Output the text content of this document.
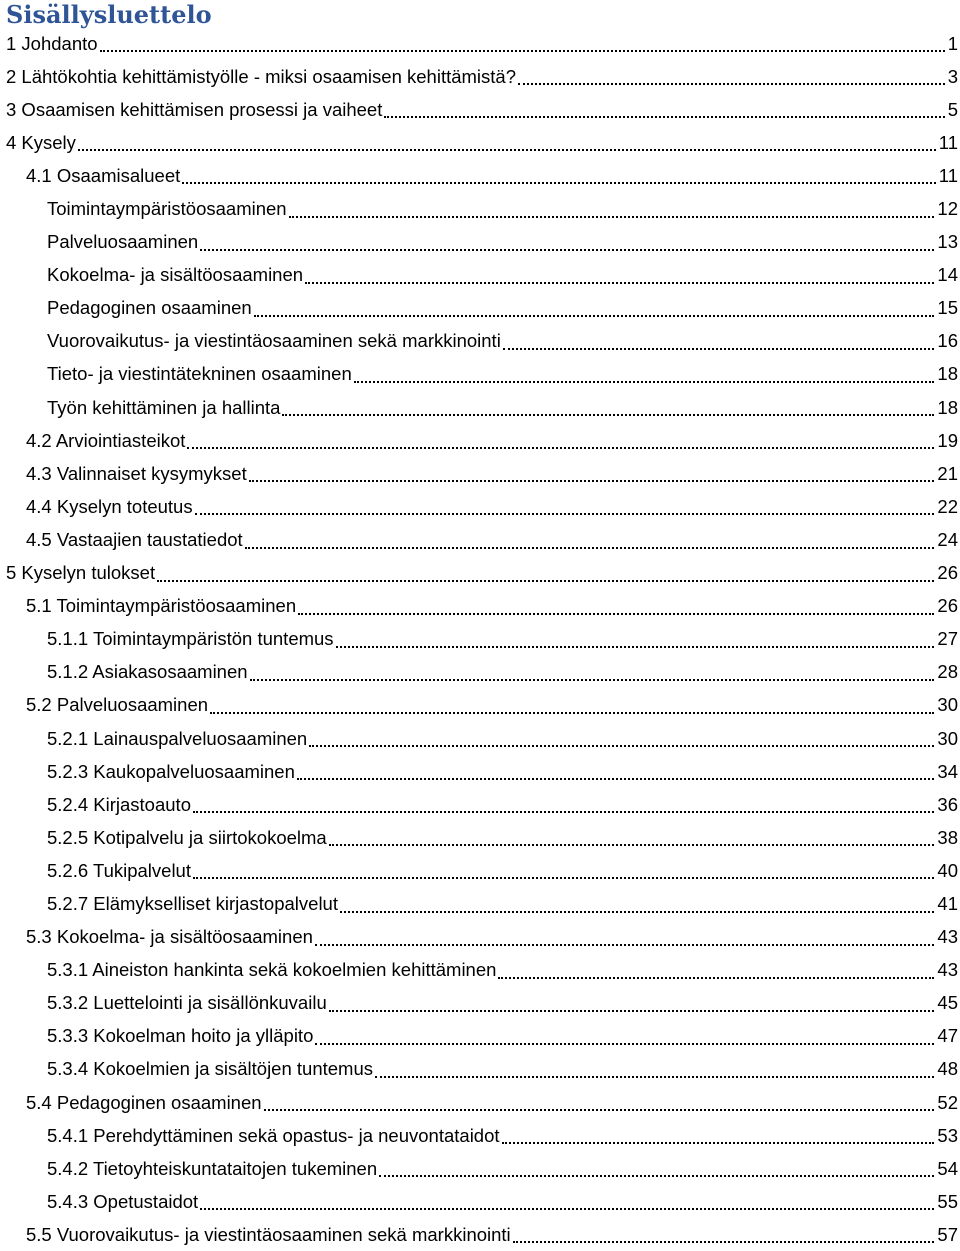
Sisällysluettelo
1 Johdanto	1
2 Lähtökohtia kehittämistyölle - miksi osaamisen kehittämistä?	3
3 Osaamisen kehittämisen prosessi ja vaiheet	5
4 Kysely	11
4.1 Osaamisalueet	11
Toimintaympäristöosaaminen	12
Palveluosaaminen	13
Kokoelma- ja sisältöosaaminen	14
Pedagoginen osaaminen	15
Vuorovaikutus- ja viestintäosaaminen sekä markkinointi	16
Tieto- ja viestintätekninen osaaminen	18
Työn kehittäminen ja hallinta	18
4.2 Arviointiasteikot	19
4.3 Valinnaiset kysymykset	21
4.4 Kyselyn toteutus	22
4.5 Vastaajien taustatiedot	24
5 Kyselyn tulokset	26
5.1 Toimintaympäristöosaaminen	26
5.1.1 Toimintaympäristön tuntemus	27
5.1.2 Asiakasosaaminen	28
5.2 Palveluosaaminen	30
5.2.1 Lainauspalveluosaaminen	30
5.2.3 Kaukopalveluosaaminen	34
5.2.4 Kirjastoauto	36
5.2.5 Kotipalvelu ja siirtokokoelma	38
5.2.6 Tukipalvelut	40
5.2.7 Elämykselliset kirjastopalvelut	41
5.3 Kokoelma- ja sisältöosaaminen	43
5.3.1 Aineiston hankinta sekä kokoelmien kehittäminen	43
5.3.2 Luettelointi ja sisällönkuvailu	45
5.3.3 Kokoelman hoito ja ylläpito	47
5.3.4 Kokoelmien ja sisältöjen tuntemus	48
5.4 Pedagoginen osaaminen	52
5.4.1 Perehdyttäminen sekä opastus- ja neuvontataidot	53
5.4.2 Tietoyhteiskuntataitojen tukeminen	54
5.4.3 Opetustaidot	55
5.5 Vuorovaikutus- ja viestintäosaaminen sekä markkinointi	57
